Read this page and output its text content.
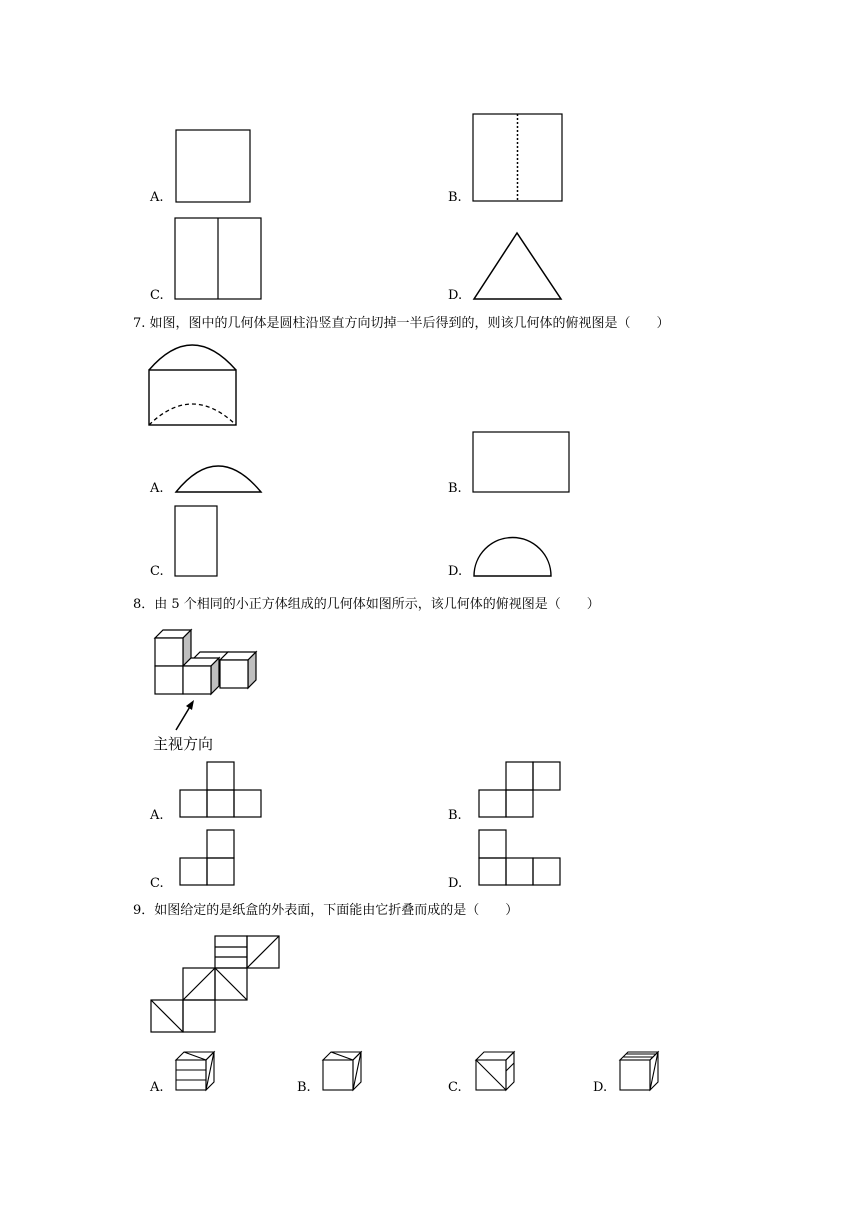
A.	B.
C.	D.
7. 如图，图中的几何体是圆柱沿竖直方向切掉一半后得到的，则该几何体的俯视图是（　　）
A.	B.
C.	D.
8．由 5 个相同的小正方体组成的几何体如图所示，该几何体的俯视图是（　　）
主视方向
A.	B.
C.	D.
9．如图给定的是纸盒的外表面，下面能由它折叠而成的是（　　）
A.	B.	C.	D.
